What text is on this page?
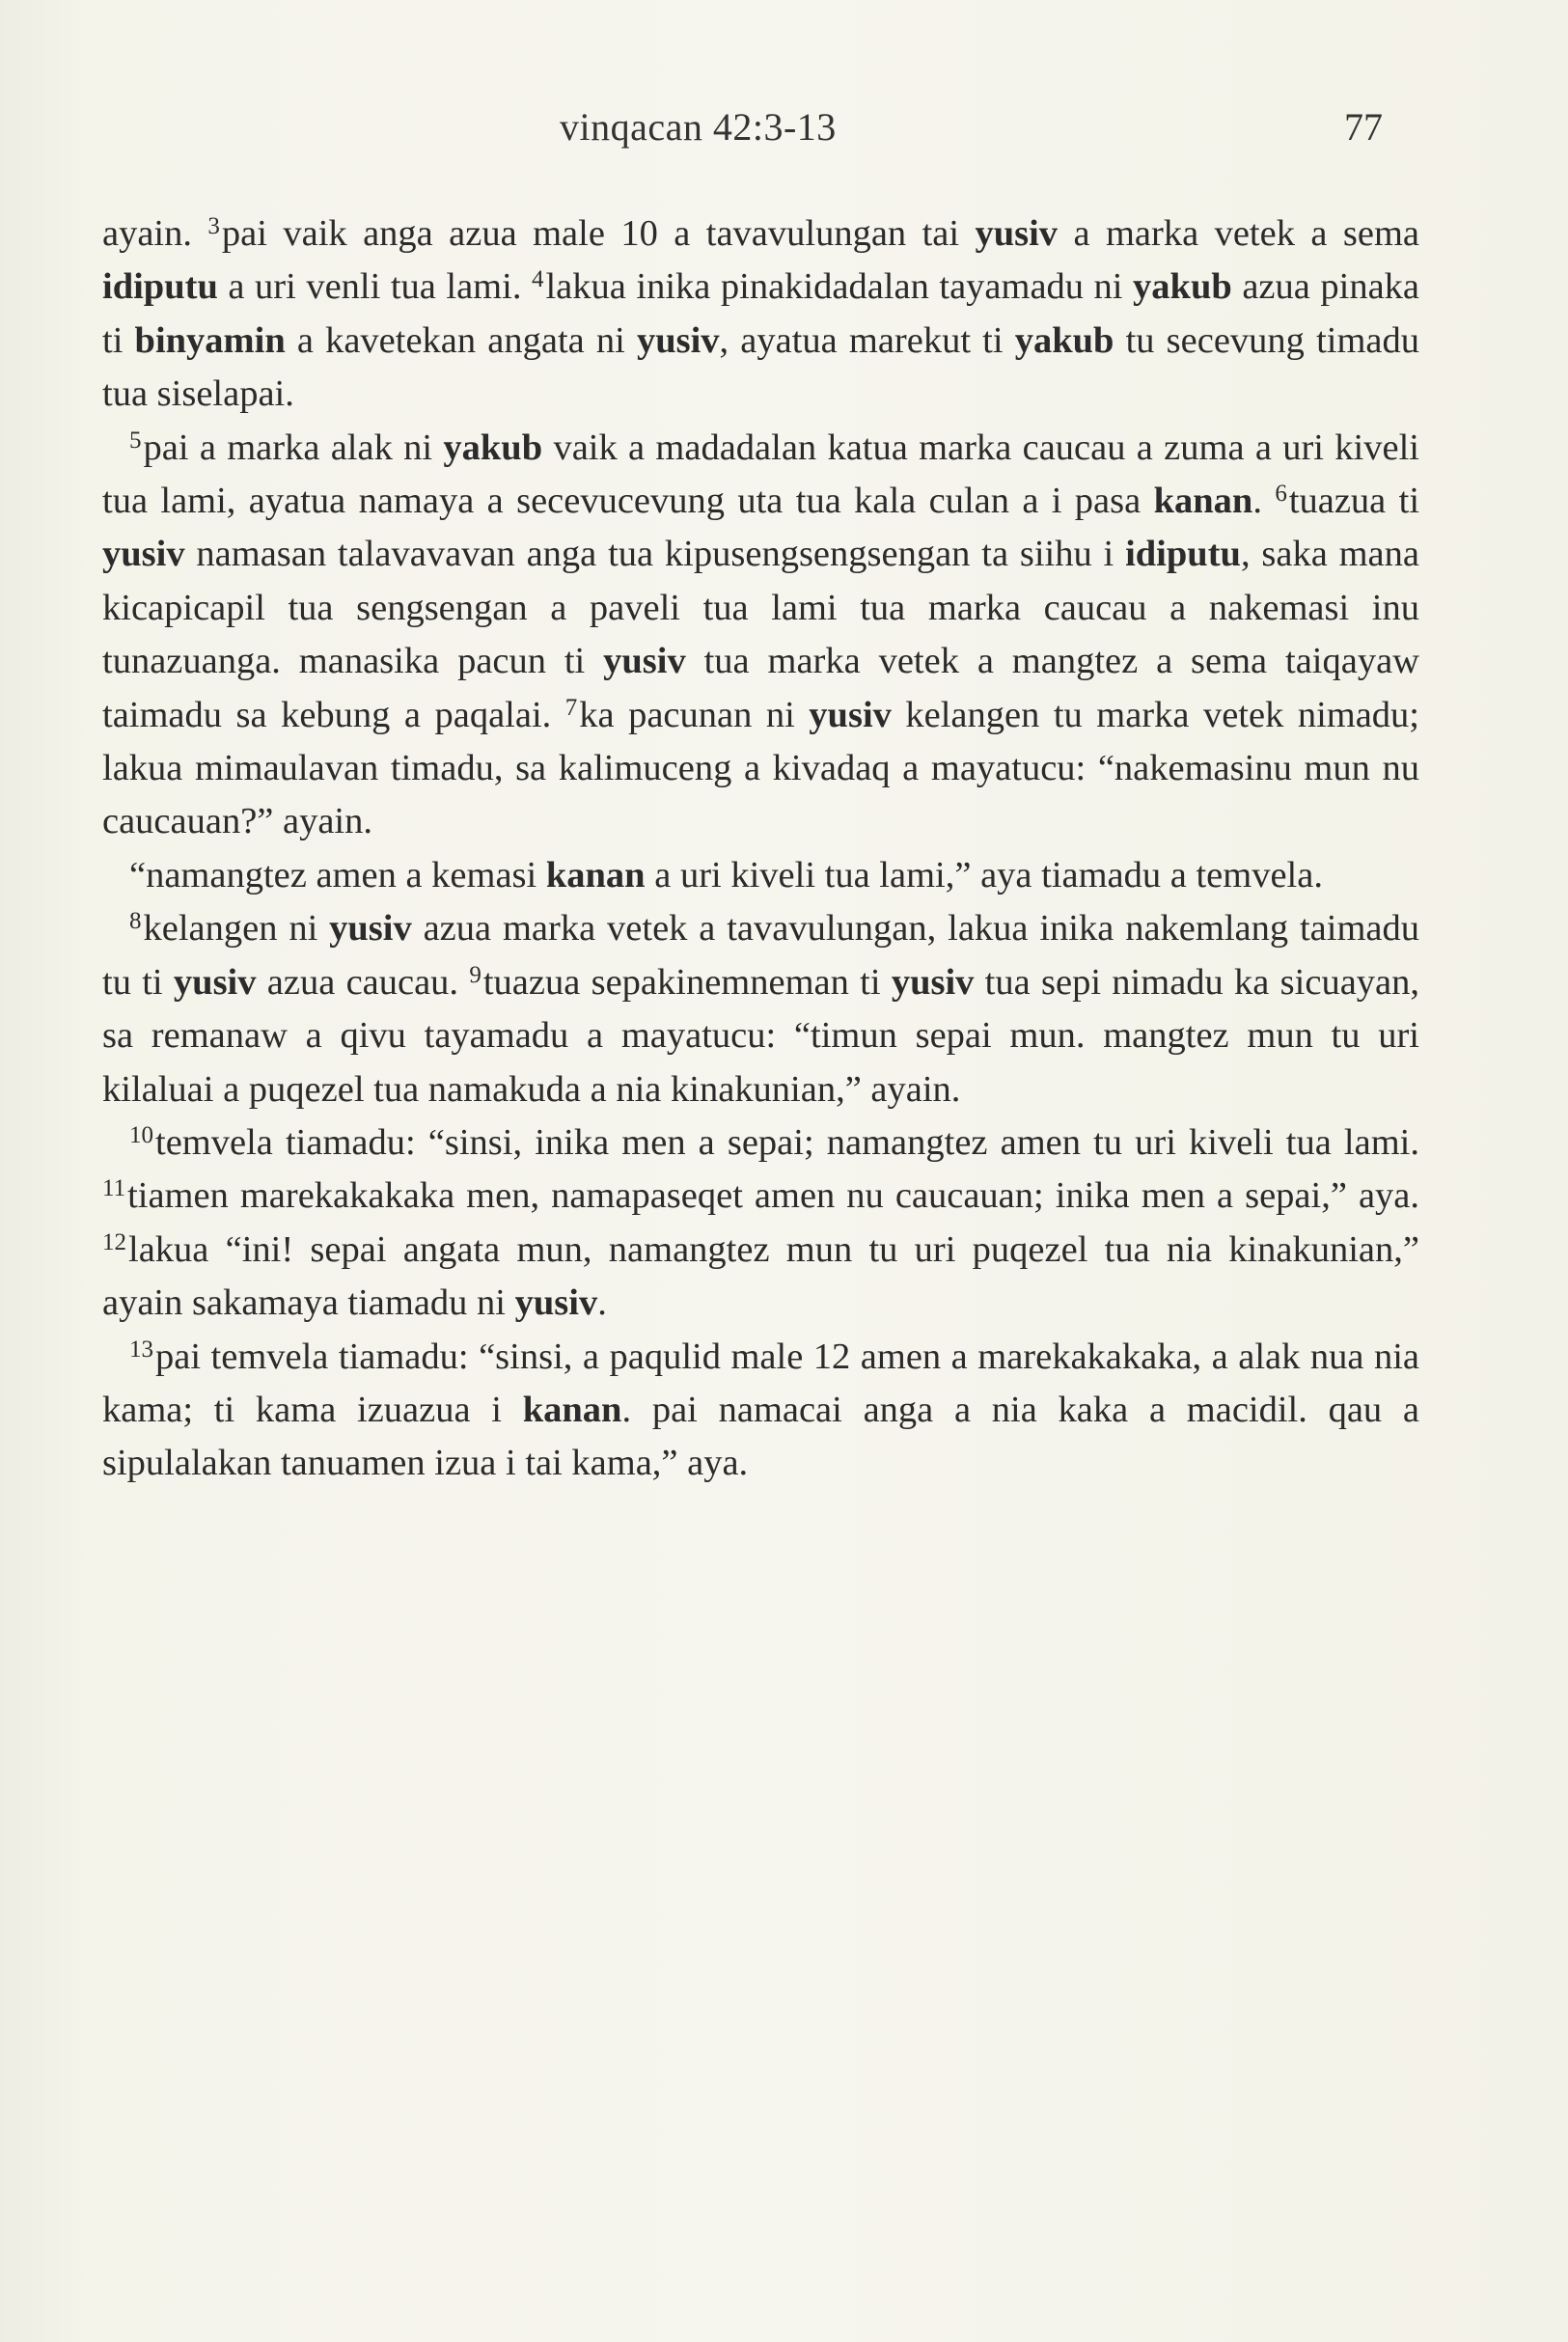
vinqacan 42:3-13	77

ayain. $^3$pai vaik anga azua male 10 a tavavulungan tai yusiv a marka vetek a sema idiputu a uri venli tua lami. $^4$lakua inika pinakidadalan tayamadu ni yakub azua pinaka ti binyamin a kavetekan angata ni yusiv, ayatua marekut ti yakub tu secevung timadu tua siselapai.

$^5$pai a marka alak ni yakub vaik a madadalan katua marka caucau a zuma a uri kiveli tua lami, ayatua namaya a secevucevung uta tua kala culan a i pasa kanan. $^6$tuazua ti yusiv namasan talavavavan anga tua kipusengsengsengan ta siihu i idiputu, saka mana kicapicapil tua sengsengan a paveli tua lami tua marka caucau a nakemasi inu tunazuanga. manasika pacun ti yusiv tua marka vetek a mangtez a sema taiqayaw taimadu sa kebung a paqalai. $^7$ka pacunan ni yusiv kelangen tu marka vetek nimadu; lakua mimaulavan timadu, sa kalimuceng a kivadaq a mayatucu: “nakemasinu mun nu caucauan?” ayain.

“namangtez amen a kemasi kanan a uri kiveli tua lami,” aya tiamadu a temvela.

$^8$kelangen ni yusiv azua marka vetek a tavavulungan, lakua inika nakemlang taimadu tu ti yusiv azua caucau. $^9$tuazua sepakinemneman ti yusiv tua sepi nimadu ka sicuayan, sa remanaw a qivu tayamadu a mayatucu: “timun sepai mun. mangtez mun tu uri kilaluai a puqezel tua namakuda a nia kinakunian,” ayain.

$^{10}$temvela tiamadu: “sinsi, inika men a sepai; namangtez amen tu uri kiveli tua lami. $^{11}$tiamen marekakakaka men, namapaseqet amen nu caucauan; inika men a sepai,” aya. $^{12}$lakua “ini! sepai angata mun, namangtez mun tu uri puqezel tua nia kinakunian,” ayain sakamaya tiamadu ni yusiv.

$^{13}$pai temvela tiamadu: “sinsi, a paqulid male 12 amen a marekakakaka, a alak nua nia kama; ti kama izuazua i kanan. pai namacai anga a nia kaka a macidil. qau a sipulalakan tanuamen izua i tai kama,” aya.
